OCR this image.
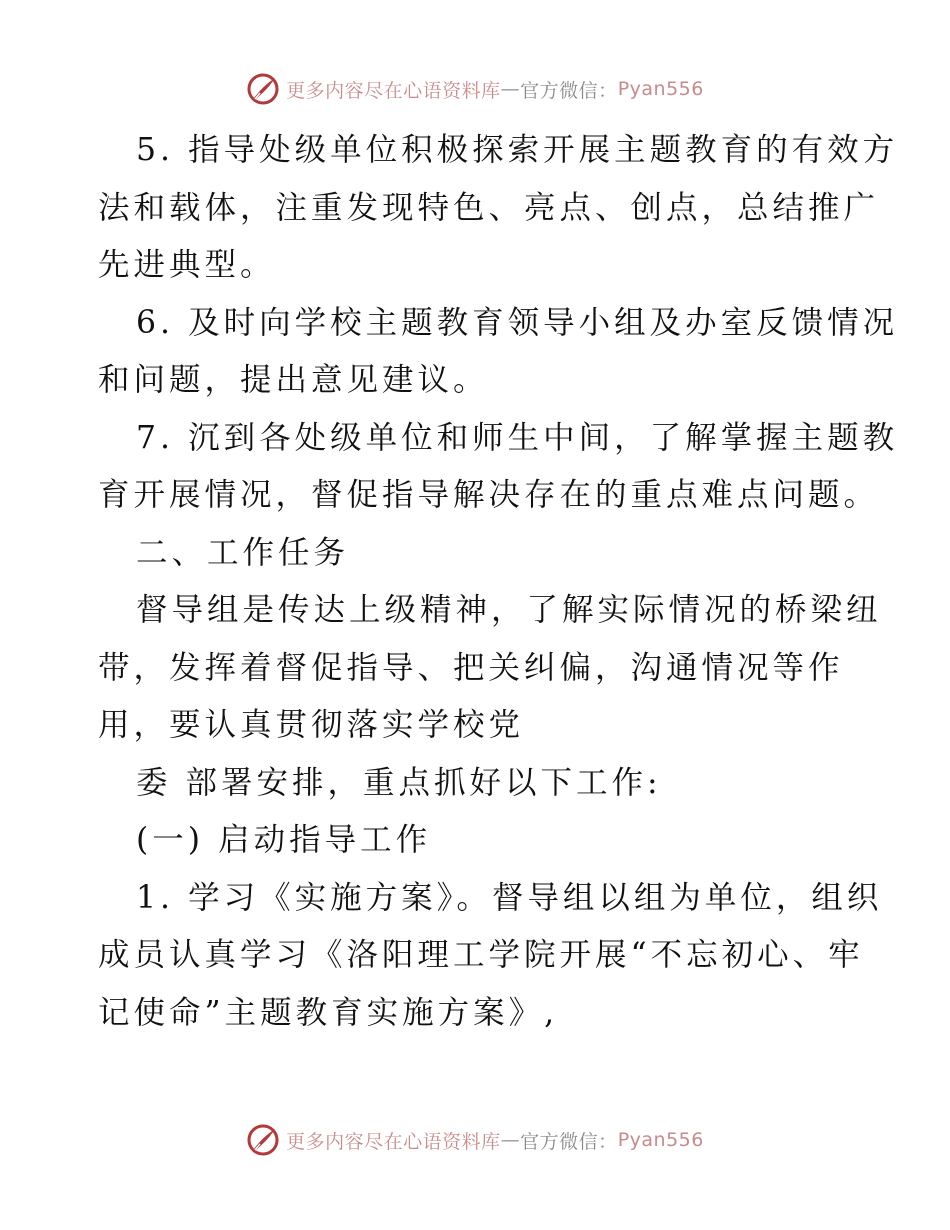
更多内容尽在心语资料库 — 官方微信： Pyan556
5. 指导处级单位积极探索开展主题教育的有效方
法和载体，注重发现特色、亮点、创点，总结推广
先进典型。
6. 及时向学校主题教育领导小组及办室反馈情况
和问题，提出意见建议。
7. 沉到各处级单位和师生中间，了解掌握主题教
育开展情况，督促指导解决存在的重点难点问题。
二、工作任务
督导组是传达上级精神，了解实际情况的桥梁纽
带，发挥着督促指导、把关纠偏，沟通情况等作
用，要认真贯彻落实学校党
委 部署安排，重点抓好以下工作:
(一) 启动指导工作
1. 学习《实施方案》。督导组以组为单位，组织
成员认真学习《洛阳理工学院开展“不忘初心、牢
记使命”主题教育实施方案》,
更多内容尽在心语资料库 — 官方微信： Pyan556
